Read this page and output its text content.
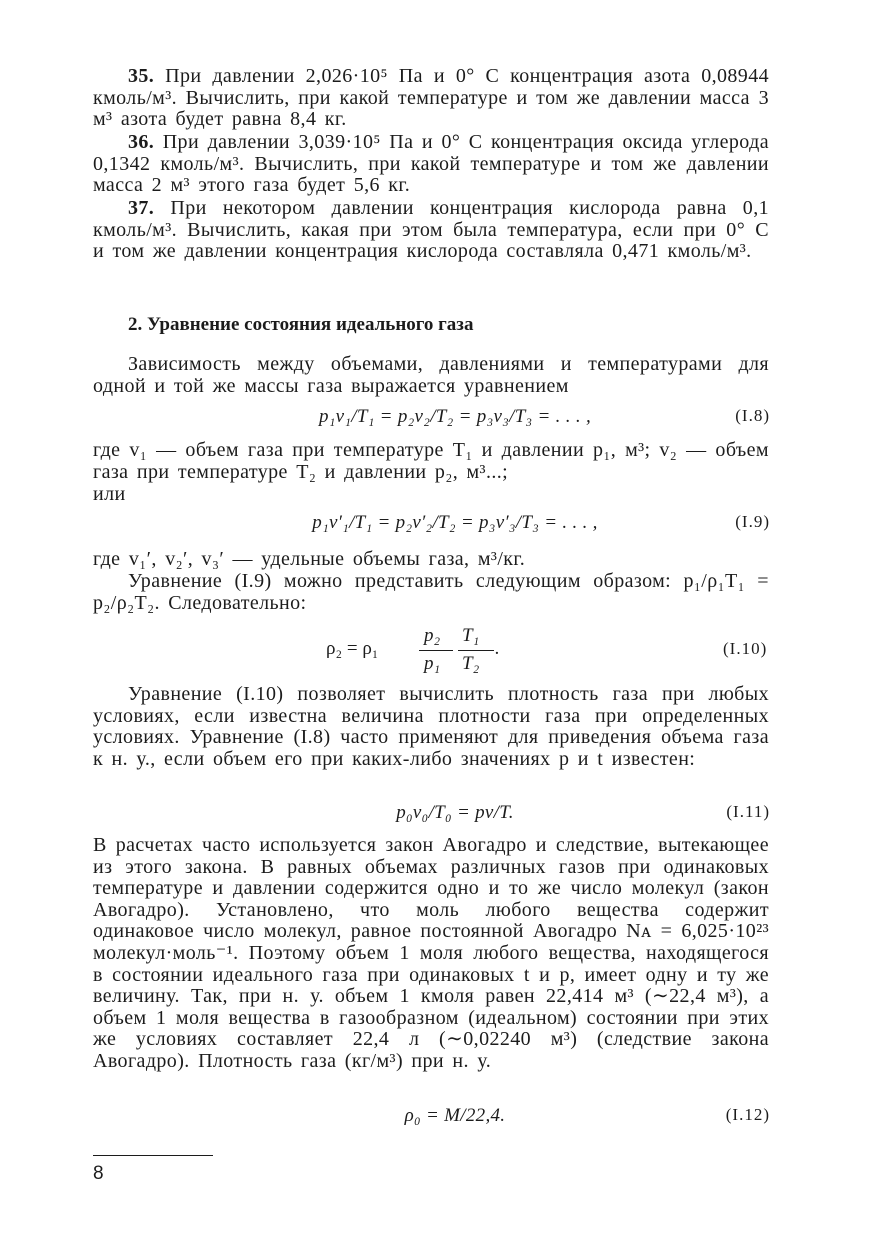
35. При давлении 2,026·10⁵ Па и 0° С концентрация азота 0,08944 кмоль/м³. Вычислить, при какой температуре и том же давлении масса 3 м³ азота будет равна 8,4 кг.

36. При давлении 3,039·10⁵ Па и 0° С концентрация оксида углерода 0,1342 кмоль/м³. Вычислить, при какой температуре и том же давлении масса 2 м³ этого газа будет 5,6 кг.

37. При некотором давлении концентрация кислорода равна 0,1 кмоль/м³. Вычислить, какая при этом была температура, если при 0° С и том же давлении концентрация кислорода составляла 0,471 кмоль/м³.

2. Уравнение состояния идеального газа

Зависимость между объемами, давлениями и температурами для одной и той же массы газа выражается уравнением

p₁v₁/T₁ = p₂v₂/T₂ = p₃v₃/T₃ = . . . ,	(I.8)

где v₁ — объем газа при температуре T₁ и давлении p₁, м³; v₂ — объем газа при температуре T₂ и давлении p₂, м³...;

или

p₁v′₁/T₁ = p₂v′₂/T₂ = p₃v′₃/T₃ = . . . ,	(I.9)

где v₁′, v₂′, v₃′ — удельные объемы газа, м³/кг.

Уравнение (I.9) можно представить следующим образом: p₁/ρ₁T₁ = p₂/ρ₂T₂. Следовательно:

ρ₂ = ρ₁
p₂
p₁
T₁
T₂
.	(I.10)

Уравнение (I.10) позволяет вычислить плотность газа при любых условиях, если известна величина плотности газа при определенных условиях. Уравнение (I.8) часто применяют для приведения объема газа к н. у., если объем его при каких-либо значениях p и t известен:

p₀v₀/T₀ = pv/T.	(I.11)

В расчетах часто используется закон Авогадро и следствие, вытекающее из этого закона. В равных объемах различных газов при одинаковых температуре и давлении содержится одно и то же число молекул (закон Авогадро). Установлено, что моль любого вещества содержит одинаковое число молекул, равное постоянной Авогадро Nᴀ = 6,025·10²³ молекул·моль⁻¹. Поэтому объем 1 моля любого вещества, находящегося в состоянии идеального газа при одинаковых t и p, имеет одну и ту же величину. Так, при н. у. объем 1 кмоля равен 22,414 м³ (∼22,4 м³), а объем 1 моля вещества в газообразном (идеальном) состоянии при этих же условиях составляет 22,4 л (∼0,02240 м³) (следствие закона Авогадро). Плотность газа (кг/м³) при н. у.

ρ₀ = M/22,4.	(I.12)
8
